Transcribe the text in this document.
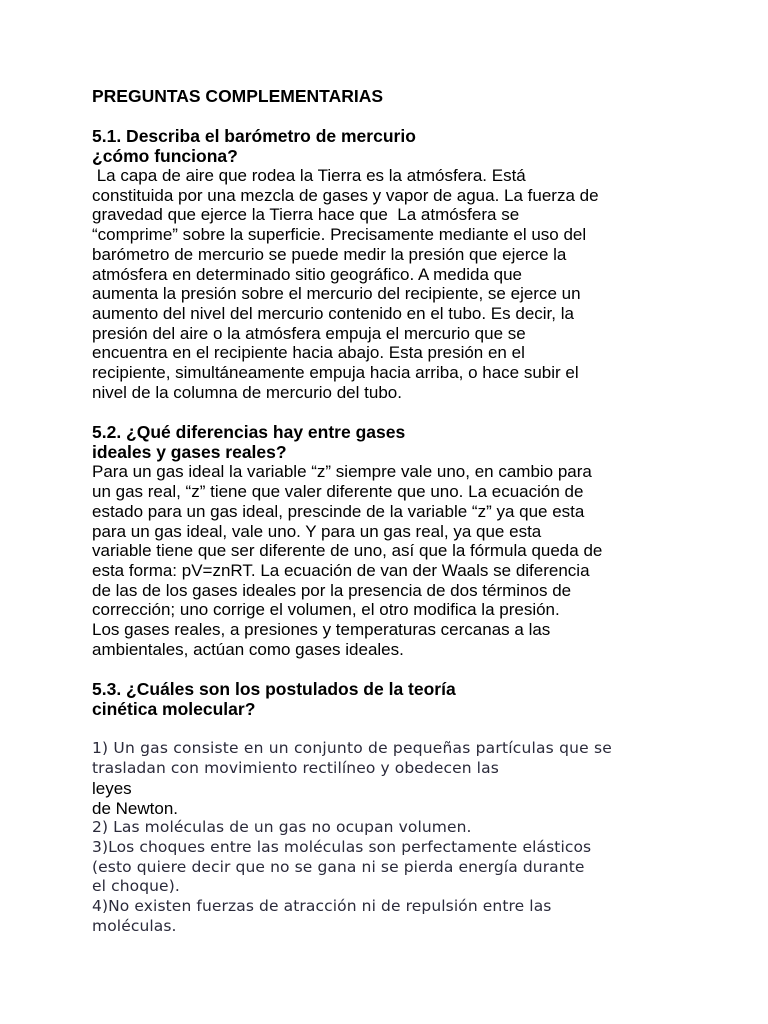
PREGUNTAS COMPLEMENTARIAS
5.1. Describa el barómetro de mercurio
¿cómo funciona?
La capa de aire que rodea la Tierra es la atmósfera. Está
constituida por una mezcla de gases y vapor de agua. La fuerza de
gravedad que ejerce la Tierra hace que  La atmósfera se
“comprime” sobre la superficie. Precisamente mediante el uso del
barómetro de mercurio se puede medir la presión que ejerce la
atmósfera en determinado sitio geográfico. A medida que
aumenta la presión sobre el mercurio del recipiente, se ejerce un
aumento del nivel del mercurio contenido en el tubo. Es decir, la
presión del aire o la atmósfera empuja el mercurio que se
encuentra en el recipiente hacia abajo. Esta presión en el
recipiente, simultáneamente empuja hacia arriba, o hace subir el
nivel de la columna de mercurio del tubo.
5.2. ¿Qué diferencias hay entre gases
ideales y gases reales?
Para un gas ideal la variable “z” siempre vale uno, en cambio para
un gas real, “z” tiene que valer diferente que uno. La ecuación de
estado para un gas ideal, prescinde de la variable “z” ya que esta
para un gas ideal, vale uno. Y para un gas real, ya que esta
variable tiene que ser diferente de uno, así que la fórmula queda de
esta forma: pV=znRT. La ecuación de van der Waals se diferencia
de las de los gases ideales por la presencia de dos términos de
corrección; uno corrige el volumen, el otro modifica la presión.
Los gases reales, a presiones y temperaturas cercanas a las
ambientales, actúan como gases ideales.
5.3. ¿Cuáles son los postulados de la teoría
cinética molecular?
1) Un gas consiste en un conjunto de pequeñas partículas que se
trasladan con movimiento rectilíneo y obedecen las
leyes
de Newton.
2) Las moléculas de un gas no ocupan volumen.
3)Los choques entre las moléculas son perfectamente elásticos
(esto quiere decir que no se gana ni se pierda energía durante
el choque).
4)No existen fuerzas de atracción ni de repulsión entre las
moléculas.
